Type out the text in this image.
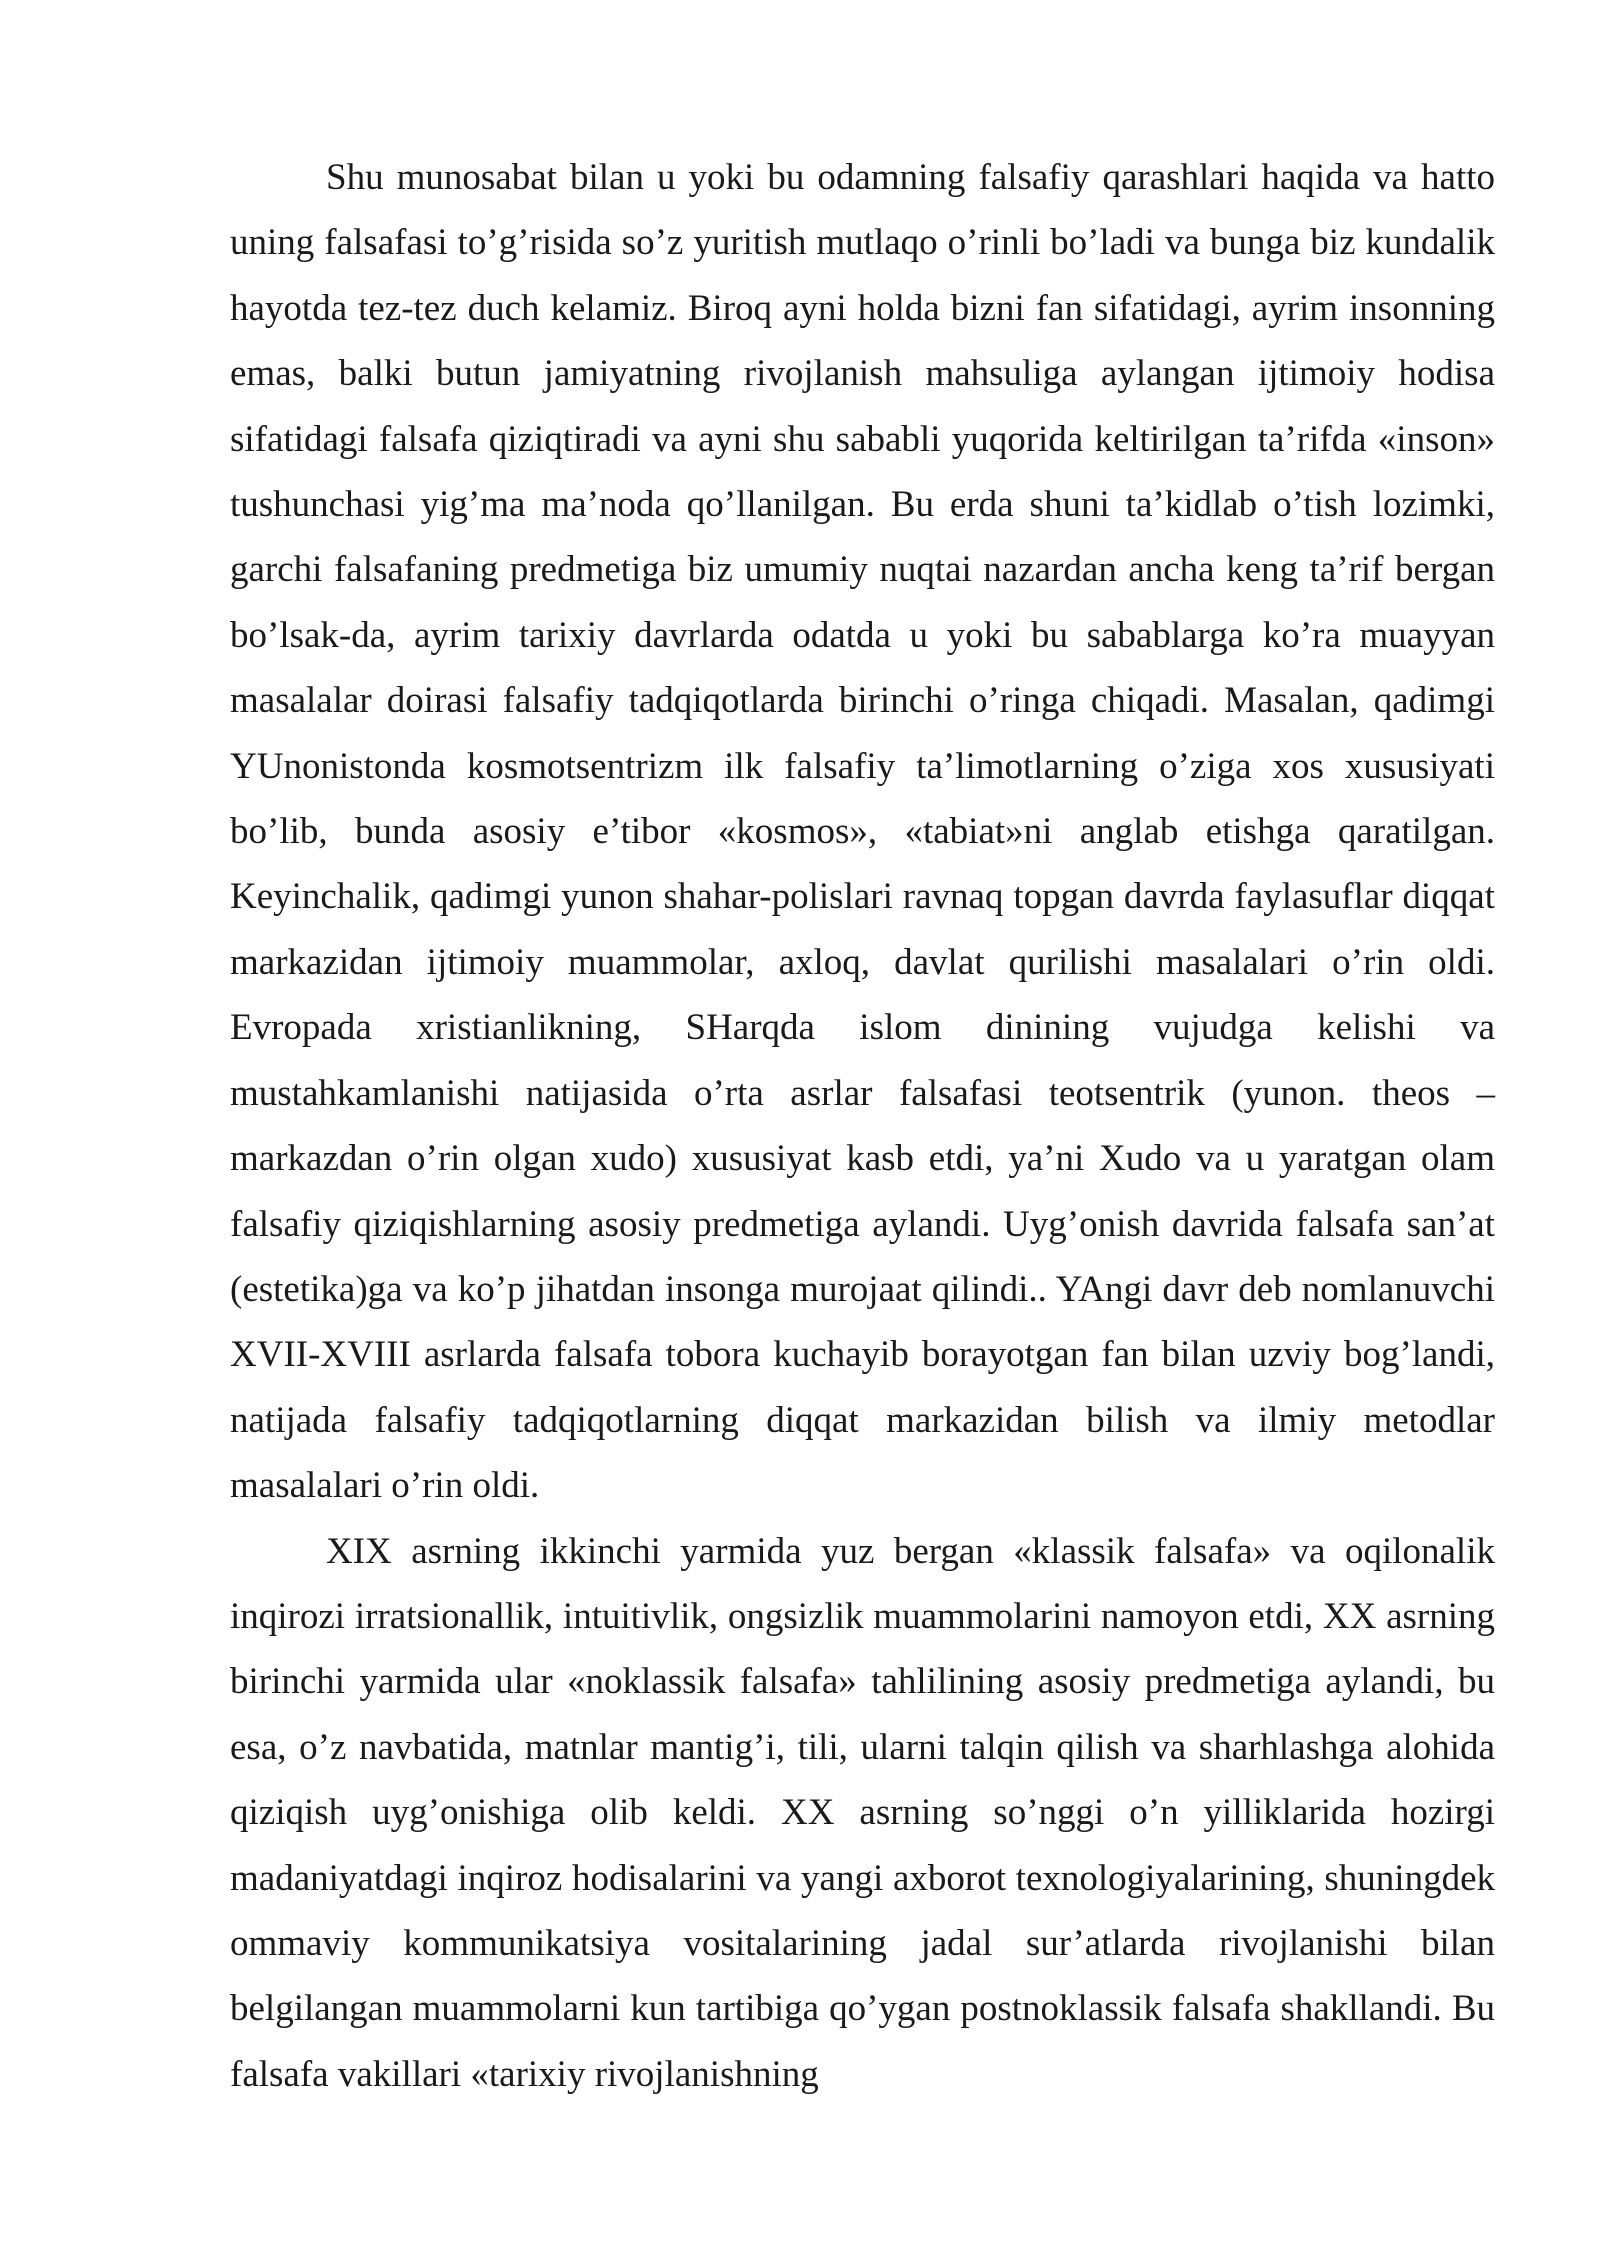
Shu munosabat bilan u yoki bu odamning falsafiy qarashlari haqida va hatto uning falsafasi to’g’risida so’z yuritish mutlaqo o’rinli bo’ladi va bunga biz kundalik hayotda tez-tez duch kelamiz. Biroq ayni holda bizni fan sifatidagi, ayrim insonning emas, balki butun jamiyatning rivojlanish mahsuliga aylangan ijtimoiy hodisa sifatidagi falsafa qiziqtiradi va ayni shu sababli yuqorida keltirilgan ta’rifda «inson» tushunchasi yig’ma ma’noda qo’llanilgan. Bu erda shuni ta’kidlab o’tish lozimki, garchi falsafaning predmetiga biz umumiy nuqtai nazardan ancha keng ta’rif bergan bo’lsak-da, ayrim tarixiy davrlarda odatda u yoki bu sabablarga ko’ra muayyan masalalar doirasi falsafiy tadqiqotlarda birinchi o’ringa chiqadi. Masalan, qadimgi YUnonistonda kosmotsentrizm ilk falsafiy ta’limotlarning o’ziga xos xususiyati bo’lib, bunda asosiy e’tibor «kosmos», «tabiat»ni anglab etishga qaratilgan. Keyinchalik, qadimgi yunon shahar-polislari ravnaq topgan davrda faylasuflar diqqat markazidan ijtimoiy muammolar, axloq, davlat qurilishi masalalari o’rin oldi. Evropada xristianlikning, SHarqda islom dinining vujudga kelishi va mustahkamlanishi natijasida o’rta asrlar falsafasi teotsentrik (yunon. theos – markazdan o’rin olgan xudo) xususiyat kasb etdi, ya’ni Xudo va u yaratgan olam falsafiy qiziqishlarning asosiy predmetiga aylandi. Uyg’onish davrida falsafa san’at (estetika)ga va ko’p jihatdan insonga murojaat qilindi.. YAngi davr deb nomlanuvchi XVII-XVIII asrlarda falsafa tobora kuchayib borayotgan fan bilan uzviy bog’landi, natijada falsafiy tadqiqotlarning diqqat markazidan bilish va ilmiy metodlar masalalari o’rin oldi.

XIX asrning ikkinchi yarmida yuz bergan «klassik falsafa» va oqilonalik inqirozi irratsionallik, intuitivlik, ongsizlik muammolarini namoyon etdi, XX asrning birinchi yarmida ular «noklassik falsafa» tahlilining asosiy predmetiga aylandi, bu esa, o’z navbatida, matnlar mantig’i, tili, ularni talqin qilish va sharhlashga alohida qiziqish uyg’onishiga olib keldi. XX asrning so’nggi o’n yilliklarida hozirgi madaniyatdagi inqiroz hodisalarini va yangi axborot texnologiyalarining, shuningdek ommaviy kommunikatsiya vositalarining jadal sur’atlarda rivojlanishi bilan belgilangan muammolarni kun tartibiga qo’ygan postnoklassik falsafa shakllandi. Bu falsafa vakillari «tarixiy rivojlanishning
